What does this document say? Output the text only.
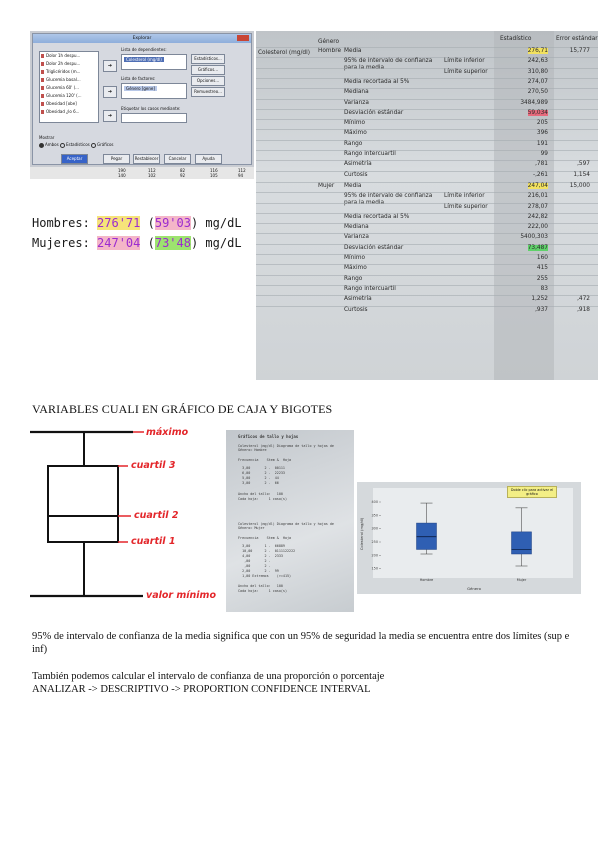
Explorar
Dolor 1h despu...
Dolor 2h despu...
Triglicéridos (m...
Glucemia basal...
Glucemia 60' (...
Glucemia 120' (...
Obesidad [obe]
Obesidad ¿lo 6...
➔
➔
➔
Lista de dependientes:
Colesterol (mg/dl)
Lista de factores:
Género [gene]
Etiquetar los casos mediante:
Estadísticos...
Gráficos...
Opciones...
Remuestreo...
Mostrar
Ambos Estadísticos Gráficos
Aceptar	Pegar	Restablecer	Cancelar	Ayuda
190	112	82	116	112
140	102	92	105	94
Hombres: 276'71 (59'03) mg/dL
Mujeres: 247'04 (73'48) mg/dL
Género	Estadístico	Error estándar
Colesterol (mg/dl) Hombre Media	276,71	15,777
95% de intervalo de confianza	Límite inferior	242,63
Límite superior	310,80
Media recortada al 5%	274,07
Mediana	270,50
Varianza	3484,989
Desviación estándar	59,034
Mínimo	205
Máximo	396
Rango	191
Rango intercuartil	99
Asimetría	,781	,597
Curtosis	-,261	1,154
Mujer Media	247,04	15,000
95% de intervalo de confianza	Límite inferior	216,01
Límite superior	278,07
Media recortada al 5%	242,82
Mediana	222,00
Varianza	5400,303
Desviación estándar	73,487
Mínimo	160
Máximo	415
Rango	255
Rango intercuartil	83
Asimetría	1,252	,472
Curtosis	,937	,918
VARIABLES CUALI EN GRÁFICO DE CAJA Y BIGOTES
máximo
cuartil 3
cuartil 2
cuartil 1
valor mínimo
Gráficos de tallo y hojas
Colesterol (mg/dl) Diagrama de tallo y hojas de
Género= Hombre
Frecuencia    Stem &  Hoja
3,00       2 .  00111
6,00       2 .  22233
5,00       2 .  44
3,00       2 .  66
Ancho del tallo:   100
Cada hoja:     1 caso(s)
Colesterol (mg/dl) Diagrama de tallo y hojas de
Género= Mujer
Frecuencia    Stem &  Hoja
3,00       1 .  66889
10,00      2 .  0111122222
4,00       2 .  2333
,00       2 .
,00       2 .
2,00       2 .  99
1,00 Extremos    (>=415)
Ancho del tallo:   100
Cada hoja:     1 caso(s)
400
350
300
250
200
150
Colesterol (mg/dl)
Género
Hombre	Mujer
Doble clic para activar el gráfico
95% de intervalo de confianza de la media significa que con un 95% de seguridad la media se encuentra entre dos límites (sup e inf)
También podemos calcular el intervalo de confianza de una proporción o porcentaje
ANALIZAR -> DESCRIPTIVO -> PROPORTION CONFIDENCE INTERVAL
